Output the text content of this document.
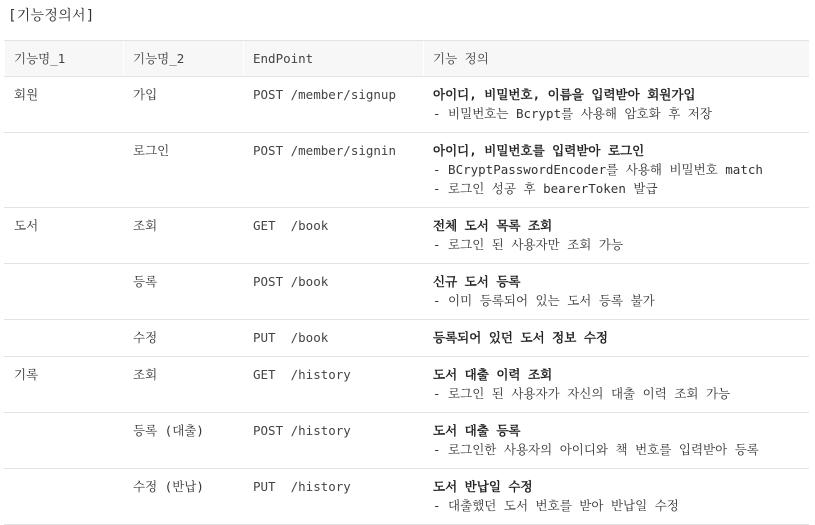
[기능정의서]
기능명_1	기능명_2	EndPoint	기능 정의
회원	가입	POST /member/signup	아이디, 비밀번호, 이름을 입력받아 회원가입
- 비밀번호는 Bcrypt를 사용해 암호화 후 저장

	로그인	POST /member/signin	아이디, 비밀번호를 입력받아 로그인
- BCryptPasswordEncoder를 사용해 비밀번호 match
- 로그인 성공 후 bearerToken 발급

도서	조회	GET  /book	전체 도서 목록 조회
- 로그인 된 사용자만 조회 가능

	등록	POST /book	신규 도서 등록
- 이미 등록되어 있는 도서 등록 불가

	수정	PUT  /book	등록되어 있던 도서 정보 수정

기록	조회	GET  /history	도서 대출 이력 조회
- 로그인 된 사용자가 자신의 대출 이력 조회 가능

	등록 (대출)	POST /history	도서 대출 등록
- 로그인한 사용자의 아이디와 책 번호를 입력받아 등록

	수정 (반납)	PUT  /history	도서 반납일 수정
- 대출했던 도서 번호를 받아 반납일 수정
